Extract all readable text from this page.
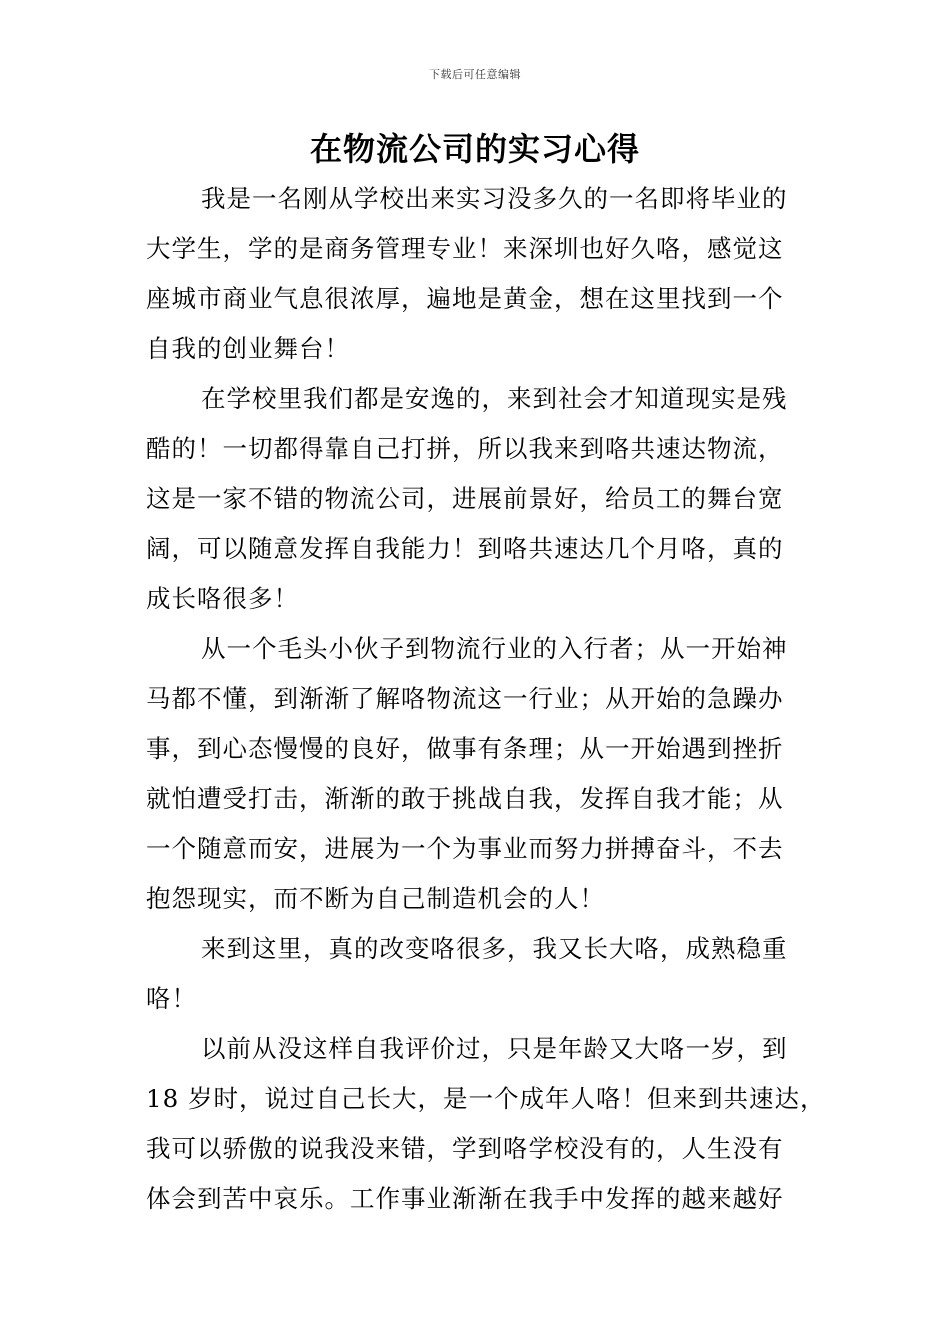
下载后可任意编辑
在物流公司的实习心得

我是一名刚从学校出来实习没多久的一名即将毕业的
大学生，学的是商务管理专业！来深圳也好久咯，感觉这
座城市商业气息很浓厚，遍地是黄金，想在这里找到一个
自我的创业舞台！

在学校里我们都是安逸的，来到社会才知道现实是残
酷的！一切都得靠自己打拼，所以我来到咯共速达物流，
这是一家不错的物流公司，进展前景好，给员工的舞台宽
阔，可以随意发挥自我能力！到咯共速达几个月咯，真的
成长咯很多！

从一个毛头小伙子到物流行业的入行者；从一开始神
马都不懂，到渐渐了解咯物流这一行业；从开始的急躁办
事，到心态慢慢的良好，做事有条理；从一开始遇到挫折
就怕遭受打击，渐渐的敢于挑战自我，发挥自我才能；从
一个随意而安，进展为一个为事业而努力拼搏奋斗，不去
抱怨现实，而不断为自己制造机会的人！

来到这里，真的改变咯很多，我又长大咯，成熟稳重
咯！

以前从没这样自我评价过，只是年龄又大咯一岁，到
18 岁时，说过自己长大，是一个成年人咯！但来到共速达，
我可以骄傲的说我没来错，学到咯学校没有的，人生没有
体会到苦中哀乐。工作事业渐渐在我手中发挥的越来越好
